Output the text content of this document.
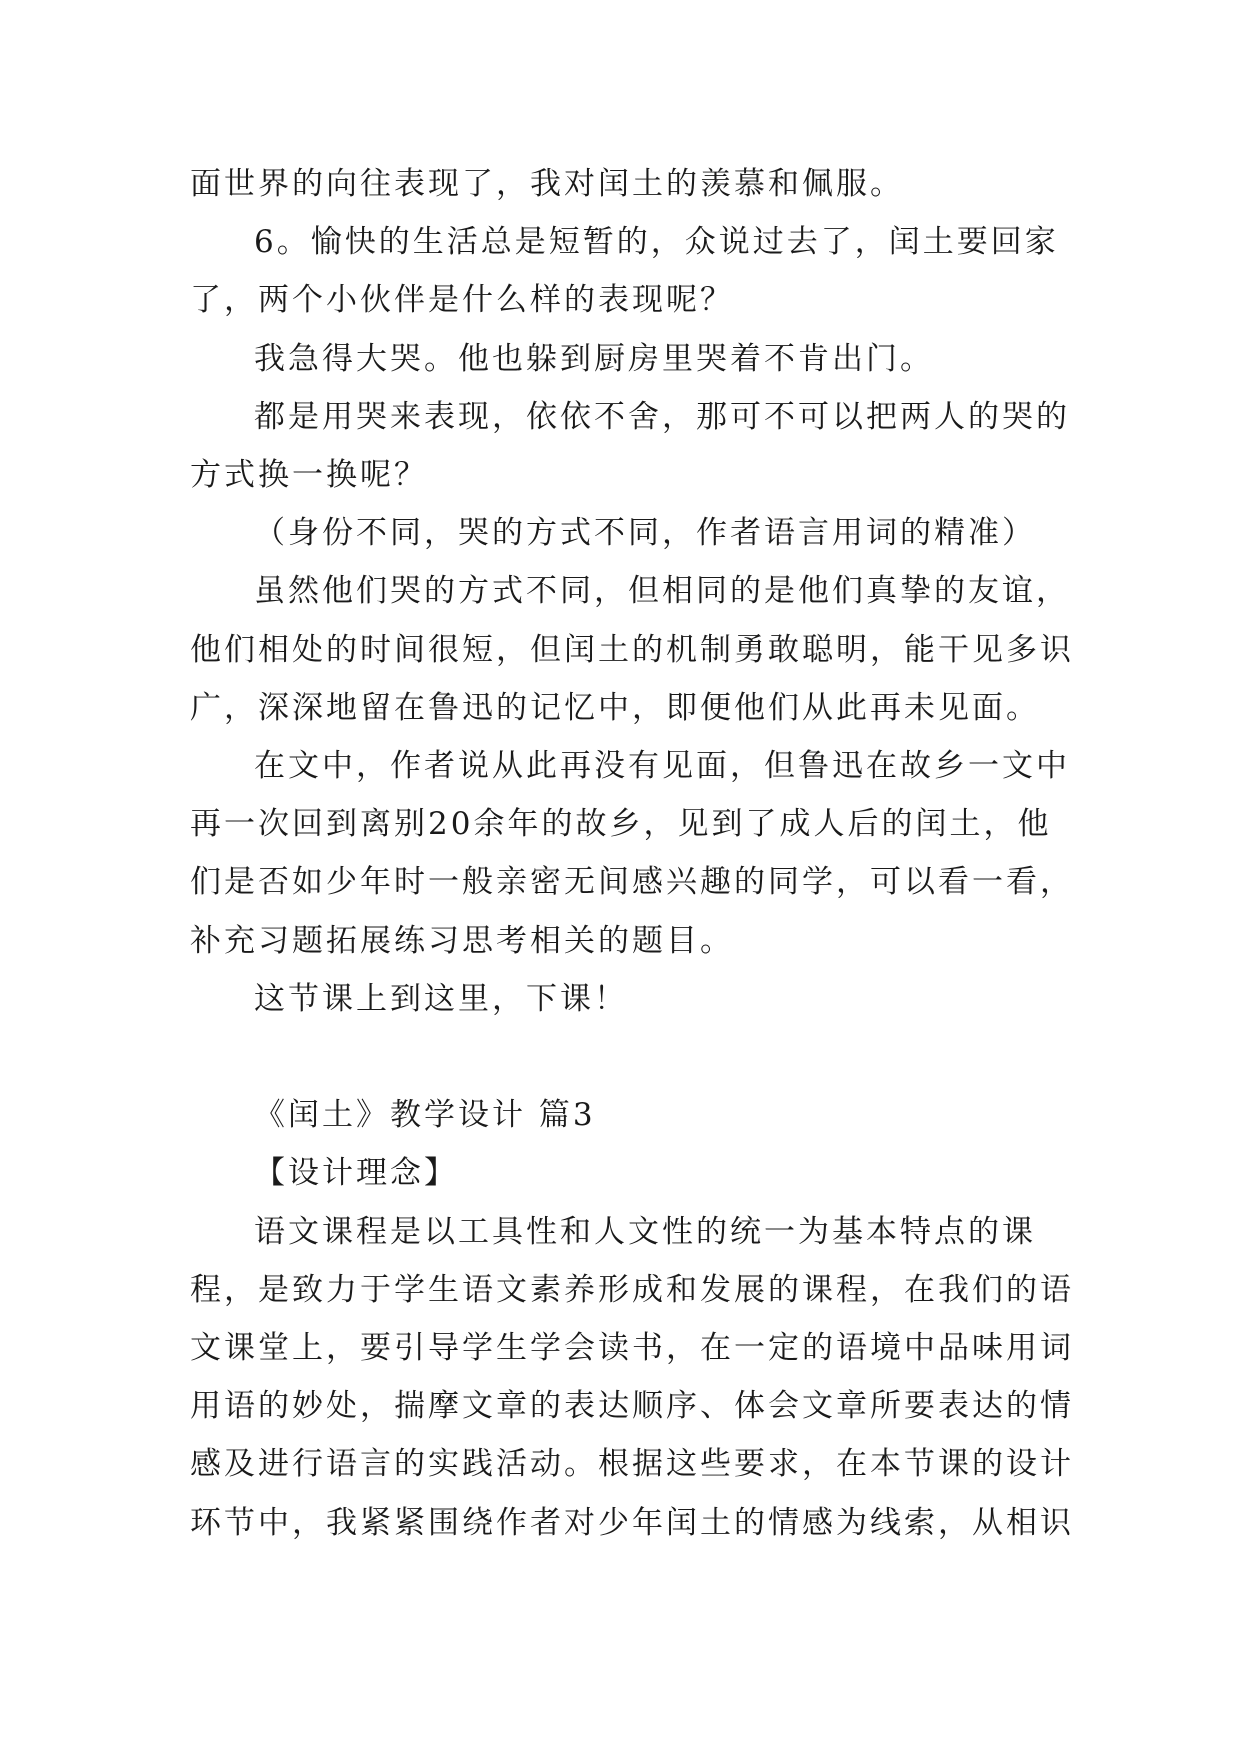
面世界的向往表现了，我对闰土的羡慕和佩服。
6。愉快的生活总是短暂的，众说过去了，闰土要回家
了，两个小伙伴是什么样的表现呢？
我急得大哭。他也躲到厨房里哭着不肯出门。
都是用哭来表现，依依不舍，那可不可以把两人的哭的
方式换一换呢？
（身份不同，哭的方式不同，作者语言用词的精准）
虽然他们哭的方式不同，但相同的是他们真挚的友谊，
他们相处的时间很短，但闰土的机制勇敢聪明，能干见多识
广，深深地留在鲁迅的记忆中，即便他们从此再未见面。
在文中，作者说从此再没有见面，但鲁迅在故乡一文中
再一次回到离别20余年的故乡，见到了成人后的闰土，他
们是否如少年时一般亲密无间感兴趣的同学，可以看一看，
补充习题拓展练习思考相关的题目。
这节课上到这里，下课！
《闰土》教学设计 篇3
【设计理念】
语文课程是以工具性和人文性的统一为基本特点的课
程，是致力于学生语文素养形成和发展的课程，在我们的语
文课堂上，要引导学生学会读书，在一定的语境中品味用词
用语的妙处，揣摩文章的表达顺序、体会文章所要表达的情
感及进行语言的实践活动。根据这些要求，在本节课的设计
环节中，我紧紧围绕作者对少年闰土的情感为线索，从相识
